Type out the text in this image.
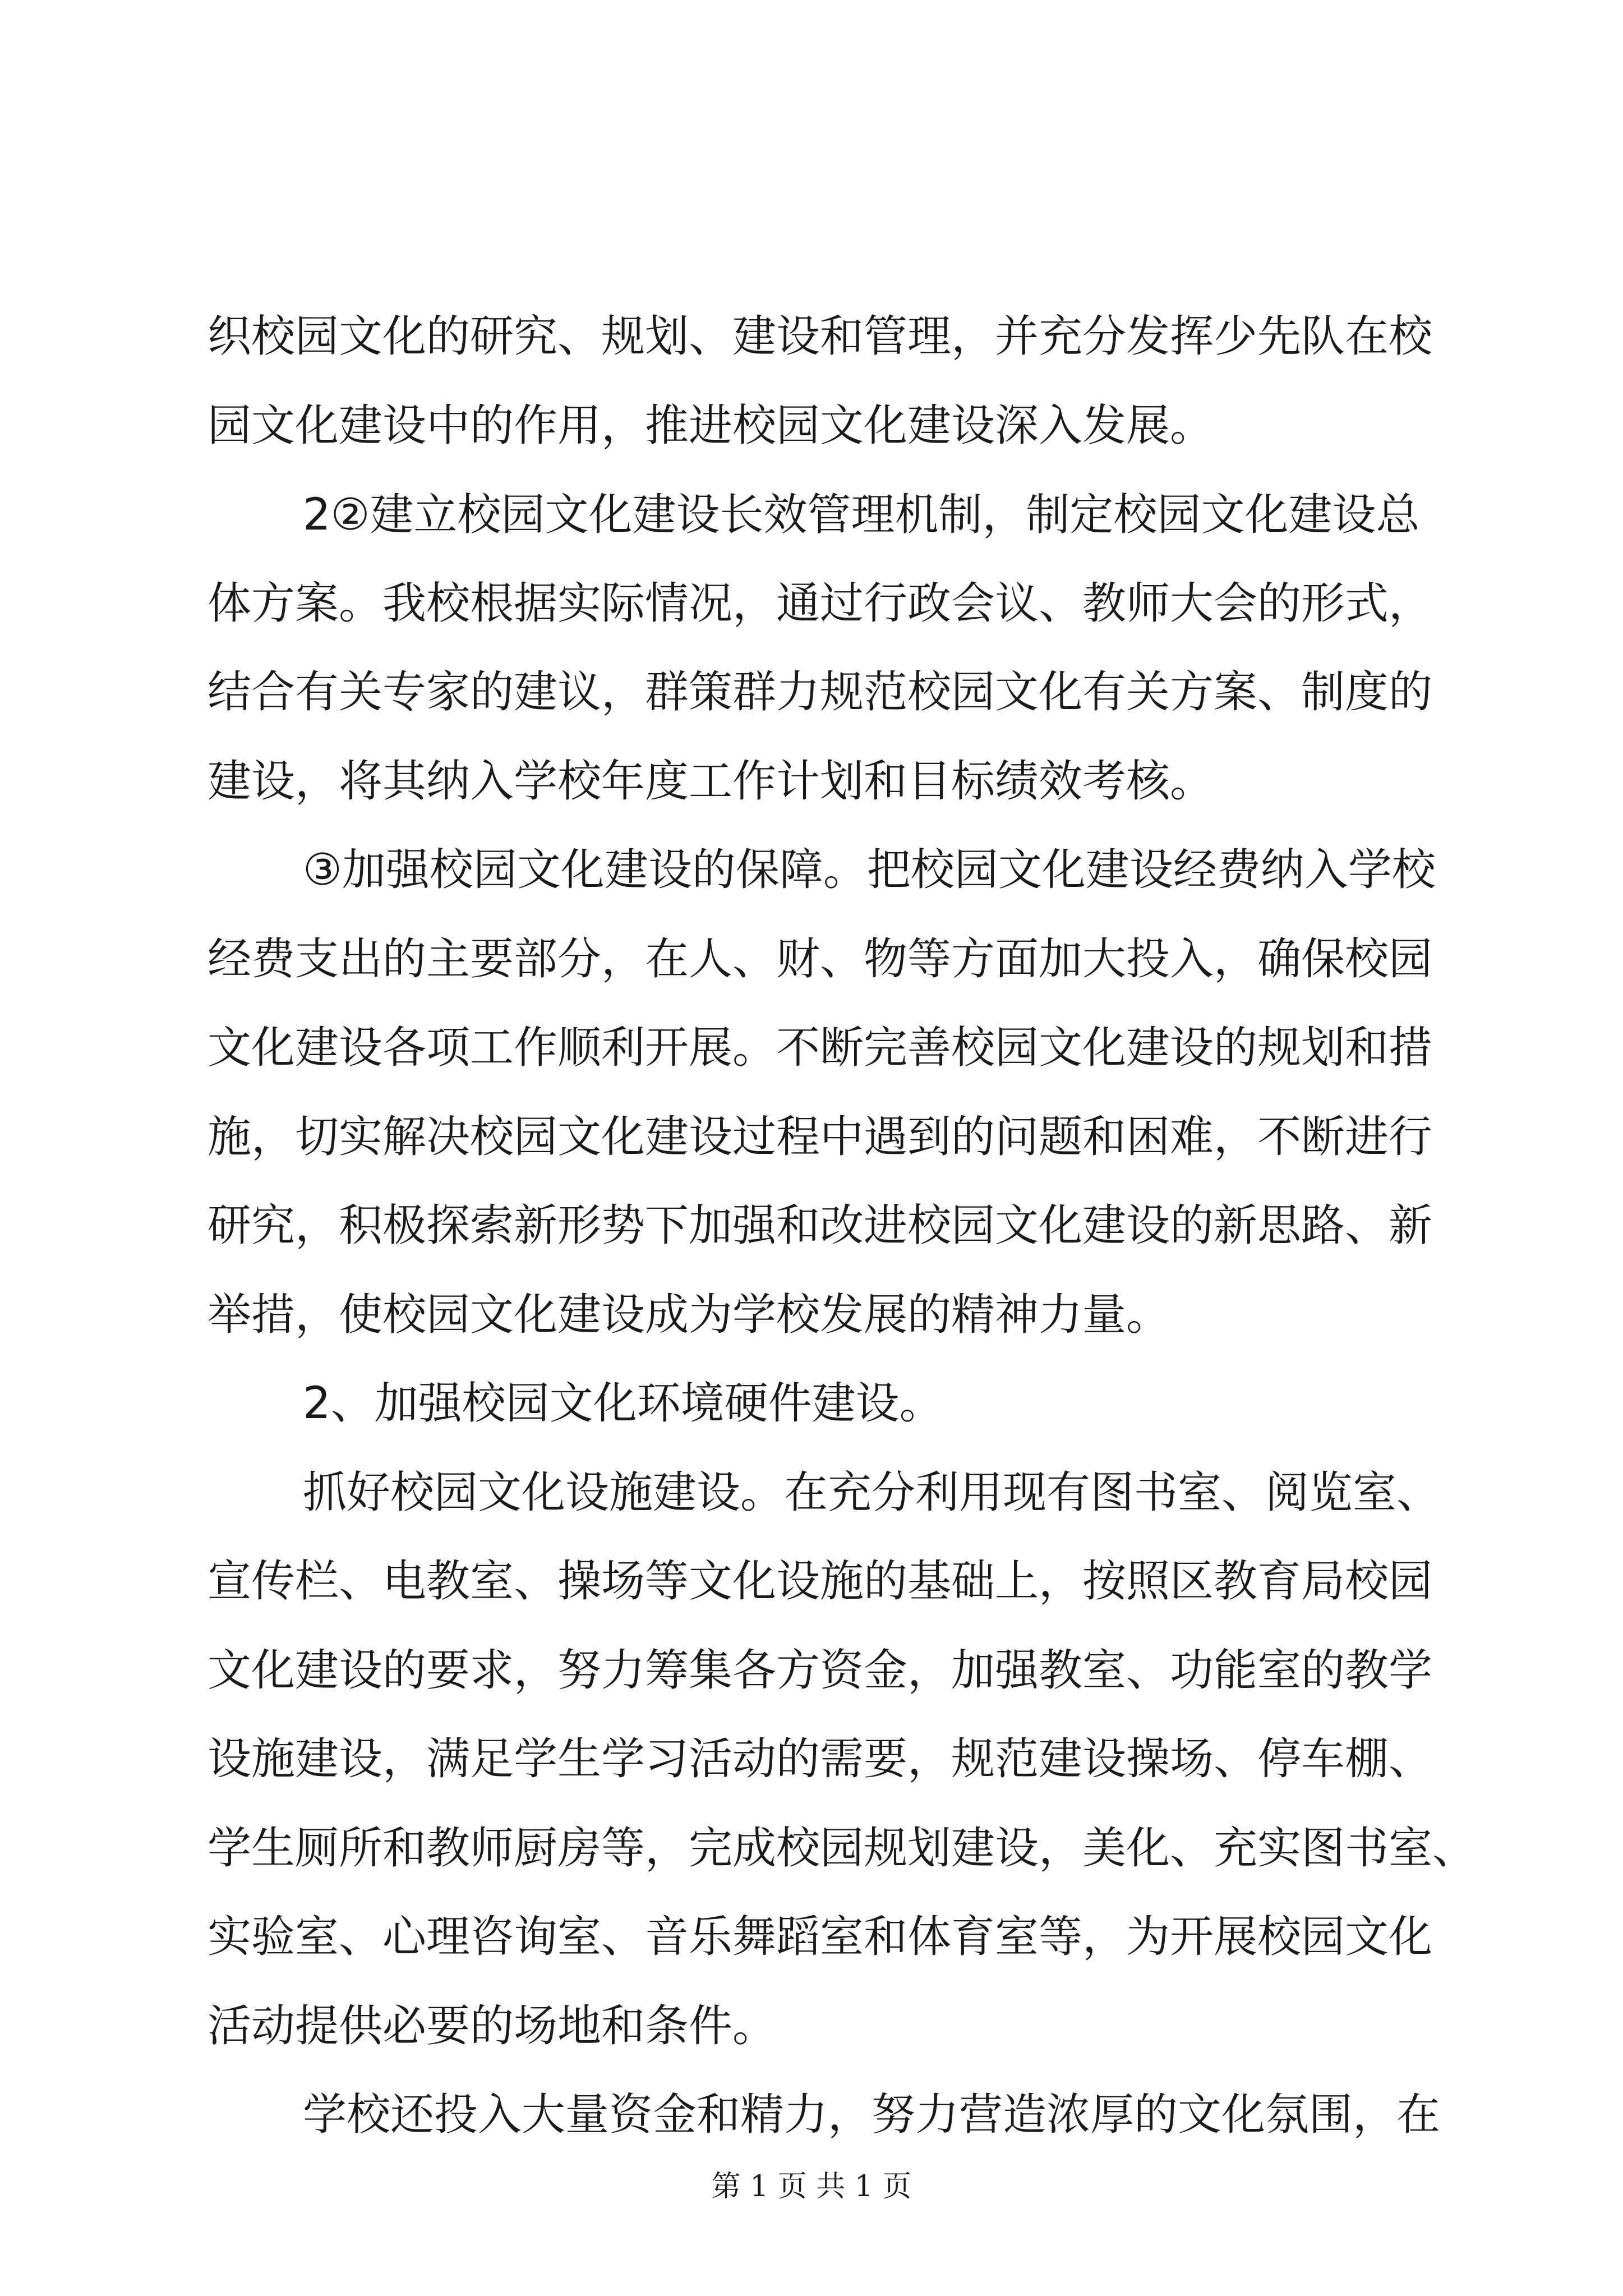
织校园文化的研究、规划、建设和管理，并充分发挥少先队在校
园文化建设中的作用，推进校园文化建设深入发展。
2②建立校园文化建设长效管理机制，制定校园文化建设总
体方案。我校根据实际情况，通过行政会议、教师大会的形式，
结合有关专家的建议，群策群力规范校园文化有关方案、制度的
建设，将其纳入学校年度工作计划和目标绩效考核。
③加强校园文化建设的保障。把校园文化建设经费纳入学校
经费支出的主要部分，在人、财、物等方面加大投入，确保校园
文化建设各项工作顺利开展。不断完善校园文化建设的规划和措
施，切实解决校园文化建设过程中遇到的问题和困难，不断进行
研究，积极探索新形势下加强和改进校园文化建设的新思路、新
举措，使校园文化建设成为学校发展的精神力量。
2、加强校园文化环境硬件建设。
抓好校园文化设施建设。在充分利用现有图书室、阅览室、
宣传栏、电教室、操场等文化设施的基础上，按照区教育局校园
文化建设的要求，努力筹集各方资金，加强教室、功能室的教学
设施建设，满足学生学习活动的需要，规范建设操场、停车棚、
学生厕所和教师厨房等，完成校园规划建设，美化、充实图书室、
实验室、心理咨询室、音乐舞蹈室和体育室等，为开展校园文化
活动提供必要的场地和条件。
学校还投入大量资金和精力，努力营造浓厚的文化氛围，在
第 1 页 共 1 页
